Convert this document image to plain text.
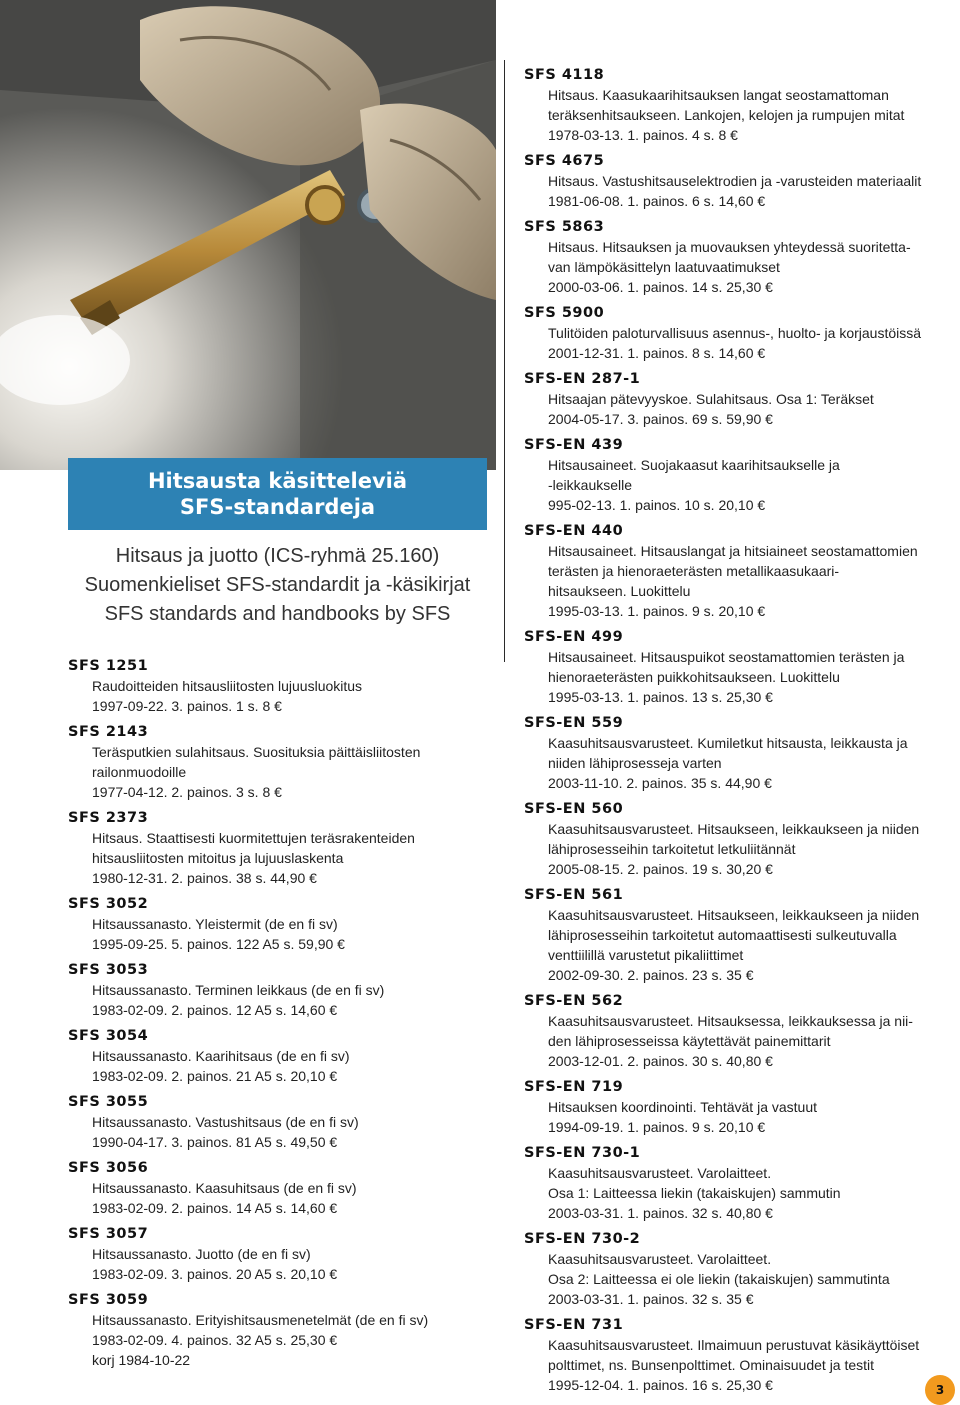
Hitsausta käsitteleviä
SFS-standardeja
Hitsaus ja juotto (ICS-ryhmä 25.160)
Suomenkieliset SFS-standardit ja -käsikirjat
SFS standards and handbooks by SFS
SFS 1251
Raudoitteiden hitsausliitosten lujuusluokitus
1997-09-22. 3. painos. 1 s. 8 €
SFS 2143
Teräsputkien sulahitsaus. Suosituksia päittäisliitosten
railonmuodoille
1977-04-12. 2. painos. 3 s. 8 €
SFS 2373
Hitsaus. Staattisesti kuormitettujen teräsrakenteiden
hitsausliitosten mitoitus ja lujuuslaskenta
1980-12-31. 2. painos. 38 s. 44,90 €
SFS 3052
Hitsaussanasto. Yleistermit (de en fi sv)
1995-09-25. 5. painos. 122 A5 s. 59,90 €
SFS 3053
Hitsaussanasto. Terminen leikkaus (de en fi sv)
1983-02-09. 2. painos. 12 A5 s. 14,60 €
SFS 3054
Hitsaussanasto. Kaarihitsaus (de en fi sv)
1983-02-09. 2. painos. 21 A5 s. 20,10 €
SFS 3055
Hitsaussanasto. Vastushitsaus (de en fi sv)
1990-04-17. 3. painos. 81 A5 s. 49,50 €
SFS 3056
Hitsaussanasto. Kaasuhitsaus (de en fi sv)
1983-02-09. 2. painos. 14 A5 s. 14,60 €
SFS 3057
Hitsaussanasto. Juotto (de en fi sv)
1983-02-09. 3. painos. 20 A5 s. 20,10 €
SFS 3059
Hitsaussanasto. Erityishitsausmenetelmät (de en fi sv)
1983-02-09. 4. painos. 32 A5 s. 25,30 €
korj 1984-10-22
SFS 4118
Hitsaus. Kaasukaarihitsauksen langat seostamattoman
teräksenhitsaukseen. Lankojen, kelojen ja rumpujen mitat
1978-03-13. 1. painos. 4 s. 8 €
SFS 4675
Hitsaus. Vastushitsauselektrodien ja -varusteiden materiaalit
1981-06-08. 1. painos. 6 s. 14,60 €
SFS 5863
Hitsaus. Hitsauksen ja muovauksen yhteydessä suoritetta-
van lämpökäsittelyn laatuvaatimukset
2000-03-06. 1. painos. 14 s. 25,30 €
SFS 5900
Tulitöiden paloturvallisuus asennus-, huolto- ja korjaustöissä
2001-12-31. 1. painos. 8 s. 14,60 €
SFS-EN 287-1
Hitsaajan pätevyyskoe. Sulahitsaus. Osa 1: Teräkset
2004-05-17. 3. painos. 69 s. 59,90 €
SFS-EN 439
Hitsausaineet. Suojakaasut kaarihitsaukselle ja
-leikkaukselle
995-02-13. 1. painos. 10 s. 20,10 €
SFS-EN 440
Hitsausaineet. Hitsauslangat ja hitsiaineet seostamattomien
terästen ja hienoraeterästen metallikaasukaari-
hitsaukseen. Luokittelu
1995-03-13. 1. painos. 9 s. 20,10 €
SFS-EN 499
Hitsausaineet. Hitsauspuikot seostamattomien terästen ja
hienoraeterästen puikkohitsaukseen. Luokittelu
1995-03-13. 1. painos. 13 s. 25,30 €
SFS-EN 559
Kaasuhitsausvarusteet. Kumiletkut hitsausta, leikkausta ja
niiden lähiprosesseja varten
2003-11-10. 2. painos. 35 s. 44,90 €
SFS-EN 560
Kaasuhitsausvarusteet. Hitsaukseen, leikkaukseen ja niiden
lähiprosesseihin tarkoitetut letkuliitännät
2005-08-15. 2. painos. 19 s. 30,20 €
SFS-EN 561
Kaasuhitsausvarusteet. Hitsaukseen, leikkaukseen ja niiden
lähiprosesseihin tarkoitetut automaattisesti sulkeutuvalla
venttiilillä varustetut pikaliittimet
2002-09-30. 2. painos. 23 s. 35 €
SFS-EN 562
Kaasuhitsausvarusteet. Hitsauksessa, leikkauksessa ja nii-
den lähiprosesseissa käytettävät painemittarit
2003-12-01. 2. painos. 30 s. 40,80 €
SFS-EN 719
Hitsauksen koordinointi. Tehtävät ja vastuut
1994-09-19. 1. painos. 9 s. 20,10 €
SFS-EN 730-1
Kaasuhitsausvarusteet. Varolaitteet.
Osa 1: Laitteessa liekin (takaiskujen) sammutin
2003-03-31. 1. painos. 32 s. 40,80 €
SFS-EN 730-2
Kaasuhitsausvarusteet. Varolaitteet.
Osa 2: Laitteessa ei ole liekin (takaiskujen) sammutinta
2003-03-31. 1. painos. 32 s. 35 €
SFS-EN 731
Kaasuhitsausvarusteet. Ilmaimuun perustuvat käsikäyttöiset
polttimet, ns. Bunsenpolttimet. Ominaisuudet ja testit
1995-12-04. 1. painos. 16 s. 25,30 €	3
